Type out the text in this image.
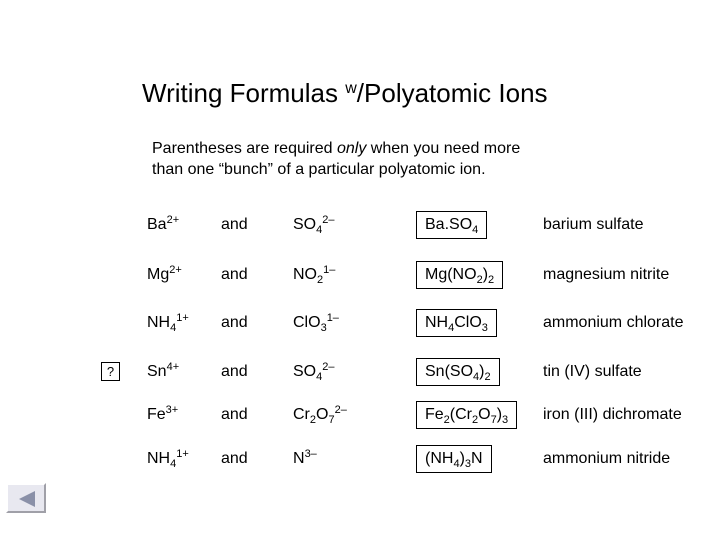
Writing Formulas $^w$/Polyatomic Ions
Parentheses are required only when you need more
than one “bunch” of a particular polyatomic ion.
?
$Ba^{2+}$	and	$SO_4^{2-}$	$Ba.SO_4$	barium sulfate
$Mg^{2+}$ and	$NO_2^{1-}$	$Mg(NO_2)_2$	magnesium nitrite
$NH_4^{1+}$ and	ClO$_3^{1-}$	$NH_4ClO_3$	ammonium chlorate
$Sn^{4+}$	and	$SO_4^{2-}$	$Sn(SO_4)_2$	tin (IV) sulfate
$Fe^{3+}$	and	$Cr_2O_7^{2-}$	$Fe_2(Cr_2O_7)_3$	iron (III) dichromate
$NH_4^{1+}$ and	$N^{3-}$	$(NH_4)_3N$	ammonium nitride
